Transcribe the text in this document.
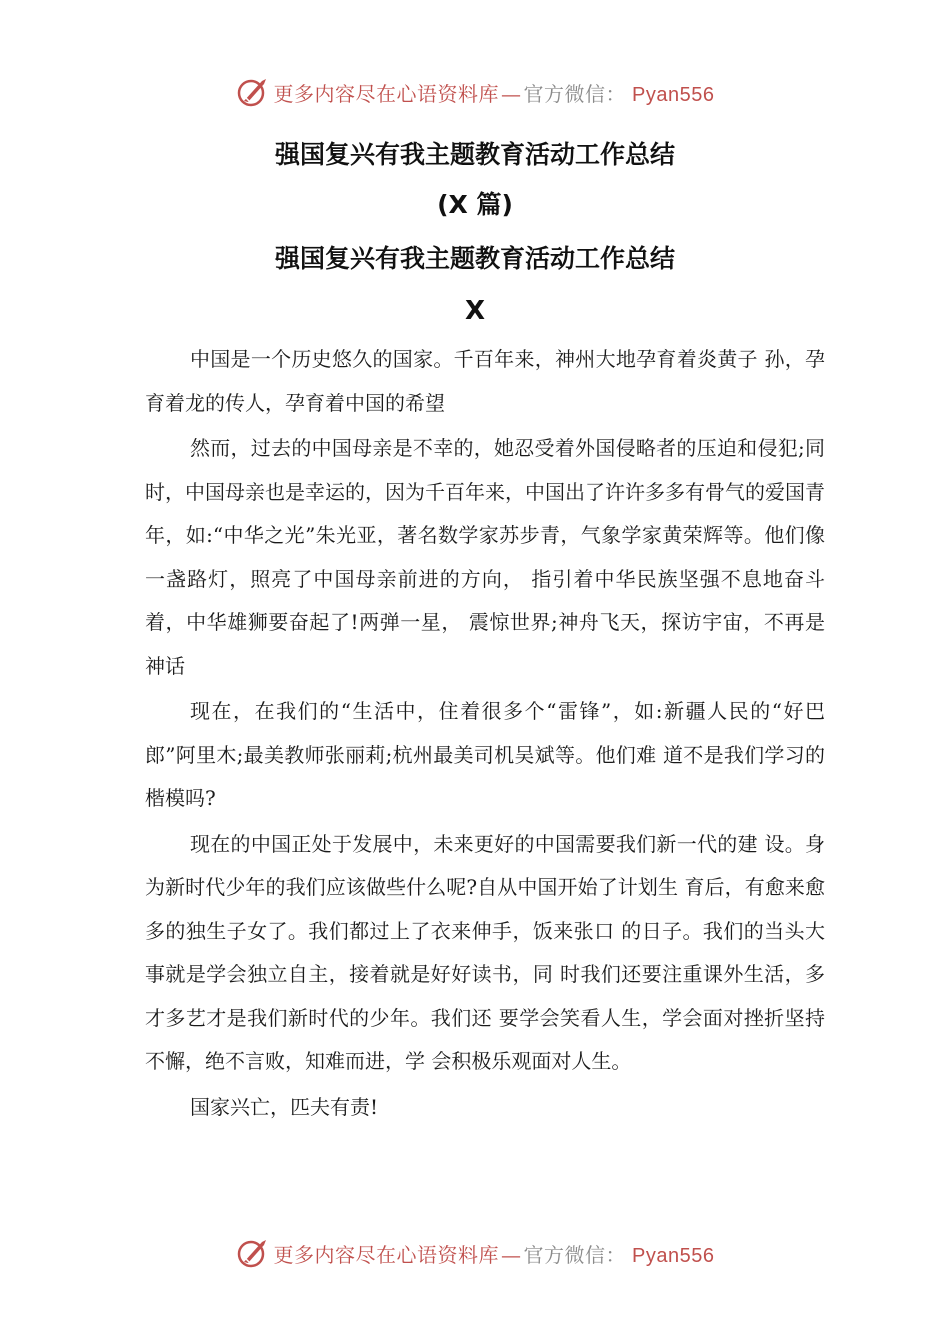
更多内容尽在心语资料库 — 官方微信： Pyan556
强国复兴有我主题教育活动工作总结
(X 篇)
强国复兴有我主题教育活动工作总结
X

中国是一个历史悠久的国家。千百年来，神州大地孕育着炎黄子 孙，孕育着龙的传人，孕育着中国的希望

然而，过去的中国母亲是不幸的，她忍受着外国侵略者的压迫和侵犯;同时，中国母亲也是幸运的，因为千百年来，中国出了许许多多有骨气的爱国青年，如:“中华之光”朱光亚，著名数学家苏步青，气象学家黄荣辉等。他们像一盏路灯，照亮了中国母亲前进的方向， 指引着中华民族坚强不息地奋斗着，中华雄狮要奋起了!两弹一星， 震惊世界;神舟飞天，探访宇宙，不再是神话

现在，在我们的“生活中，住着很多个“雷锋”，如:新疆人民的“好巴郎”阿里木;最美教师张丽莉;杭州最美司机吴斌等。他们难 道不是我们学习的楷模吗?

现在的中国正处于发展中，未来更好的中国需要我们新一代的建 设。身为新时代少年的我们应该做些什么呢?自从中国开始了计划生 育后，有愈来愈多的独生子女了。我们都过上了衣来伸手，饭来张口 的日子。我们的当头大事就是学会独立自主，接着就是好好读书，同 时我们还要注重课外生活，多才多艺才是我们新时代的少年。我们还 要学会笑看人生，学会面对挫折坚持不懈，绝不言败，知难而进，学 会积极乐观面对人生。

国家兴亡，匹夫有责!

更多内容尽在心语资料库 — 官方微信： Pyan556
